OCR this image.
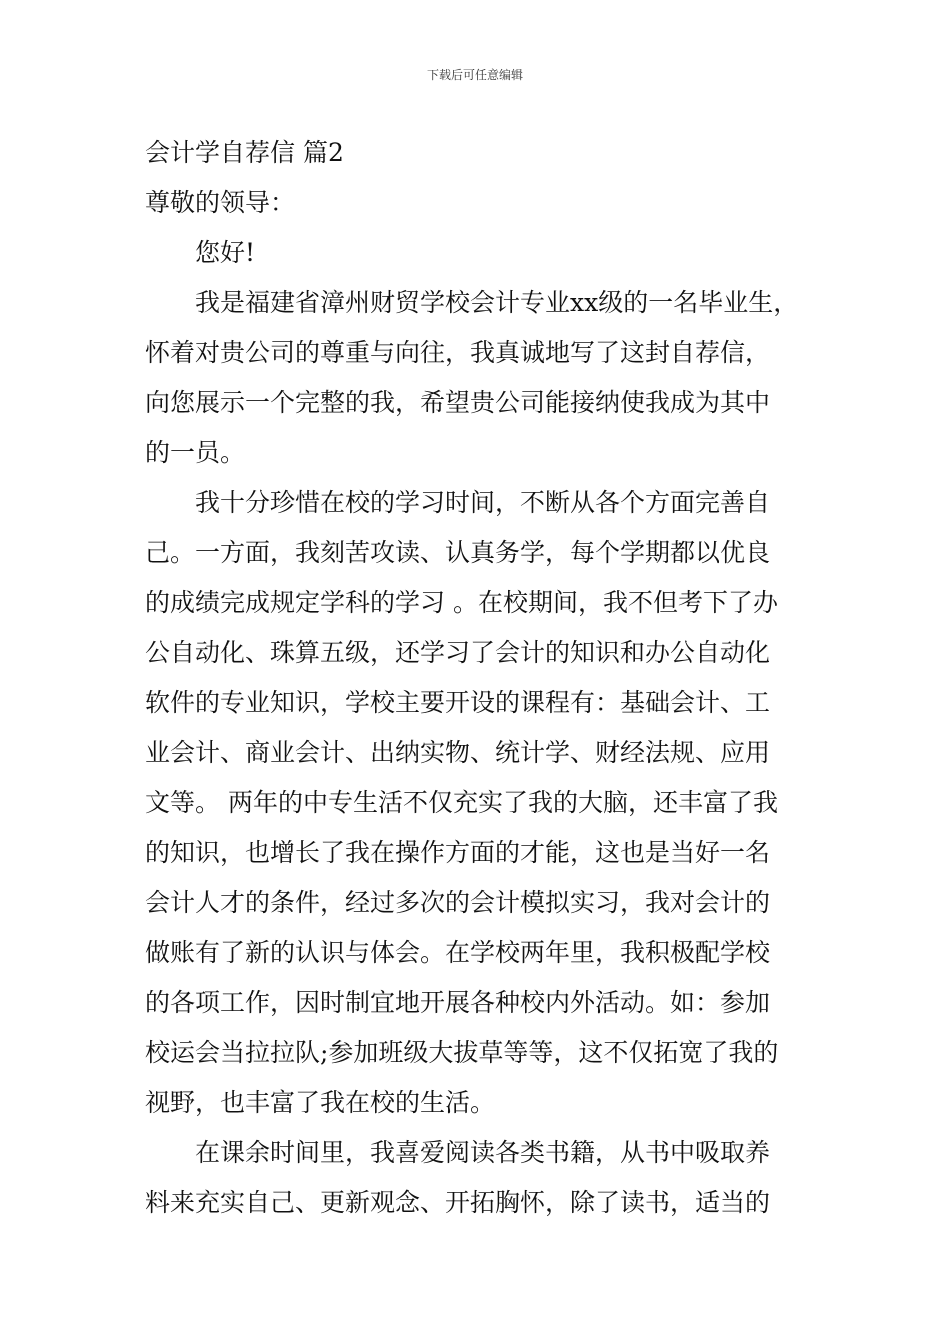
下载后可任意编辑

会计学自荐信 篇2

尊敬的领导：

您好!

我是福建省漳州财贸学校会计专业xx级的一名毕业生，

怀着对贵公司的尊重与向往，我真诚地写了这封自荐信，

向您展示一个完整的我，希望贵公司能接纳使我成为其中

的一员。

我十分珍惜在校的学习时间，不断从各个方面完善自

己。一方面，我刻苦攻读、认真务学，每个学期都以优良

的成绩完成规定学科的学习 。在校期间，我不但考下了办

公自动化、珠算五级，还学习了会计的知识和办公自动化

软件的专业知识，学校主要开设的课程有：基础会计、工

业会计、商业会计、出纳实物、统计学、财经法规、应用

文等。 两年的中专生活不仅充实了我的大脑，还丰富了我

的知识，也增长了我在操作方面的才能，这也是当好一名

会计人才的条件，经过多次的会计模拟实习，我对会计的

做账有了新的认识与体会。在学校两年里，我积极配学校

的各项工作，因时制宜地开展各种校内外活动。如：参加

校运会当拉拉队;参加班级大拔草等等，这不仅拓宽了我的

视野，也丰富了我在校的生活。

在课余时间里，我喜爱阅读各类书籍，从书中吸取养

料来充实自己、更新观念、开拓胸怀，除了读书，适当的
